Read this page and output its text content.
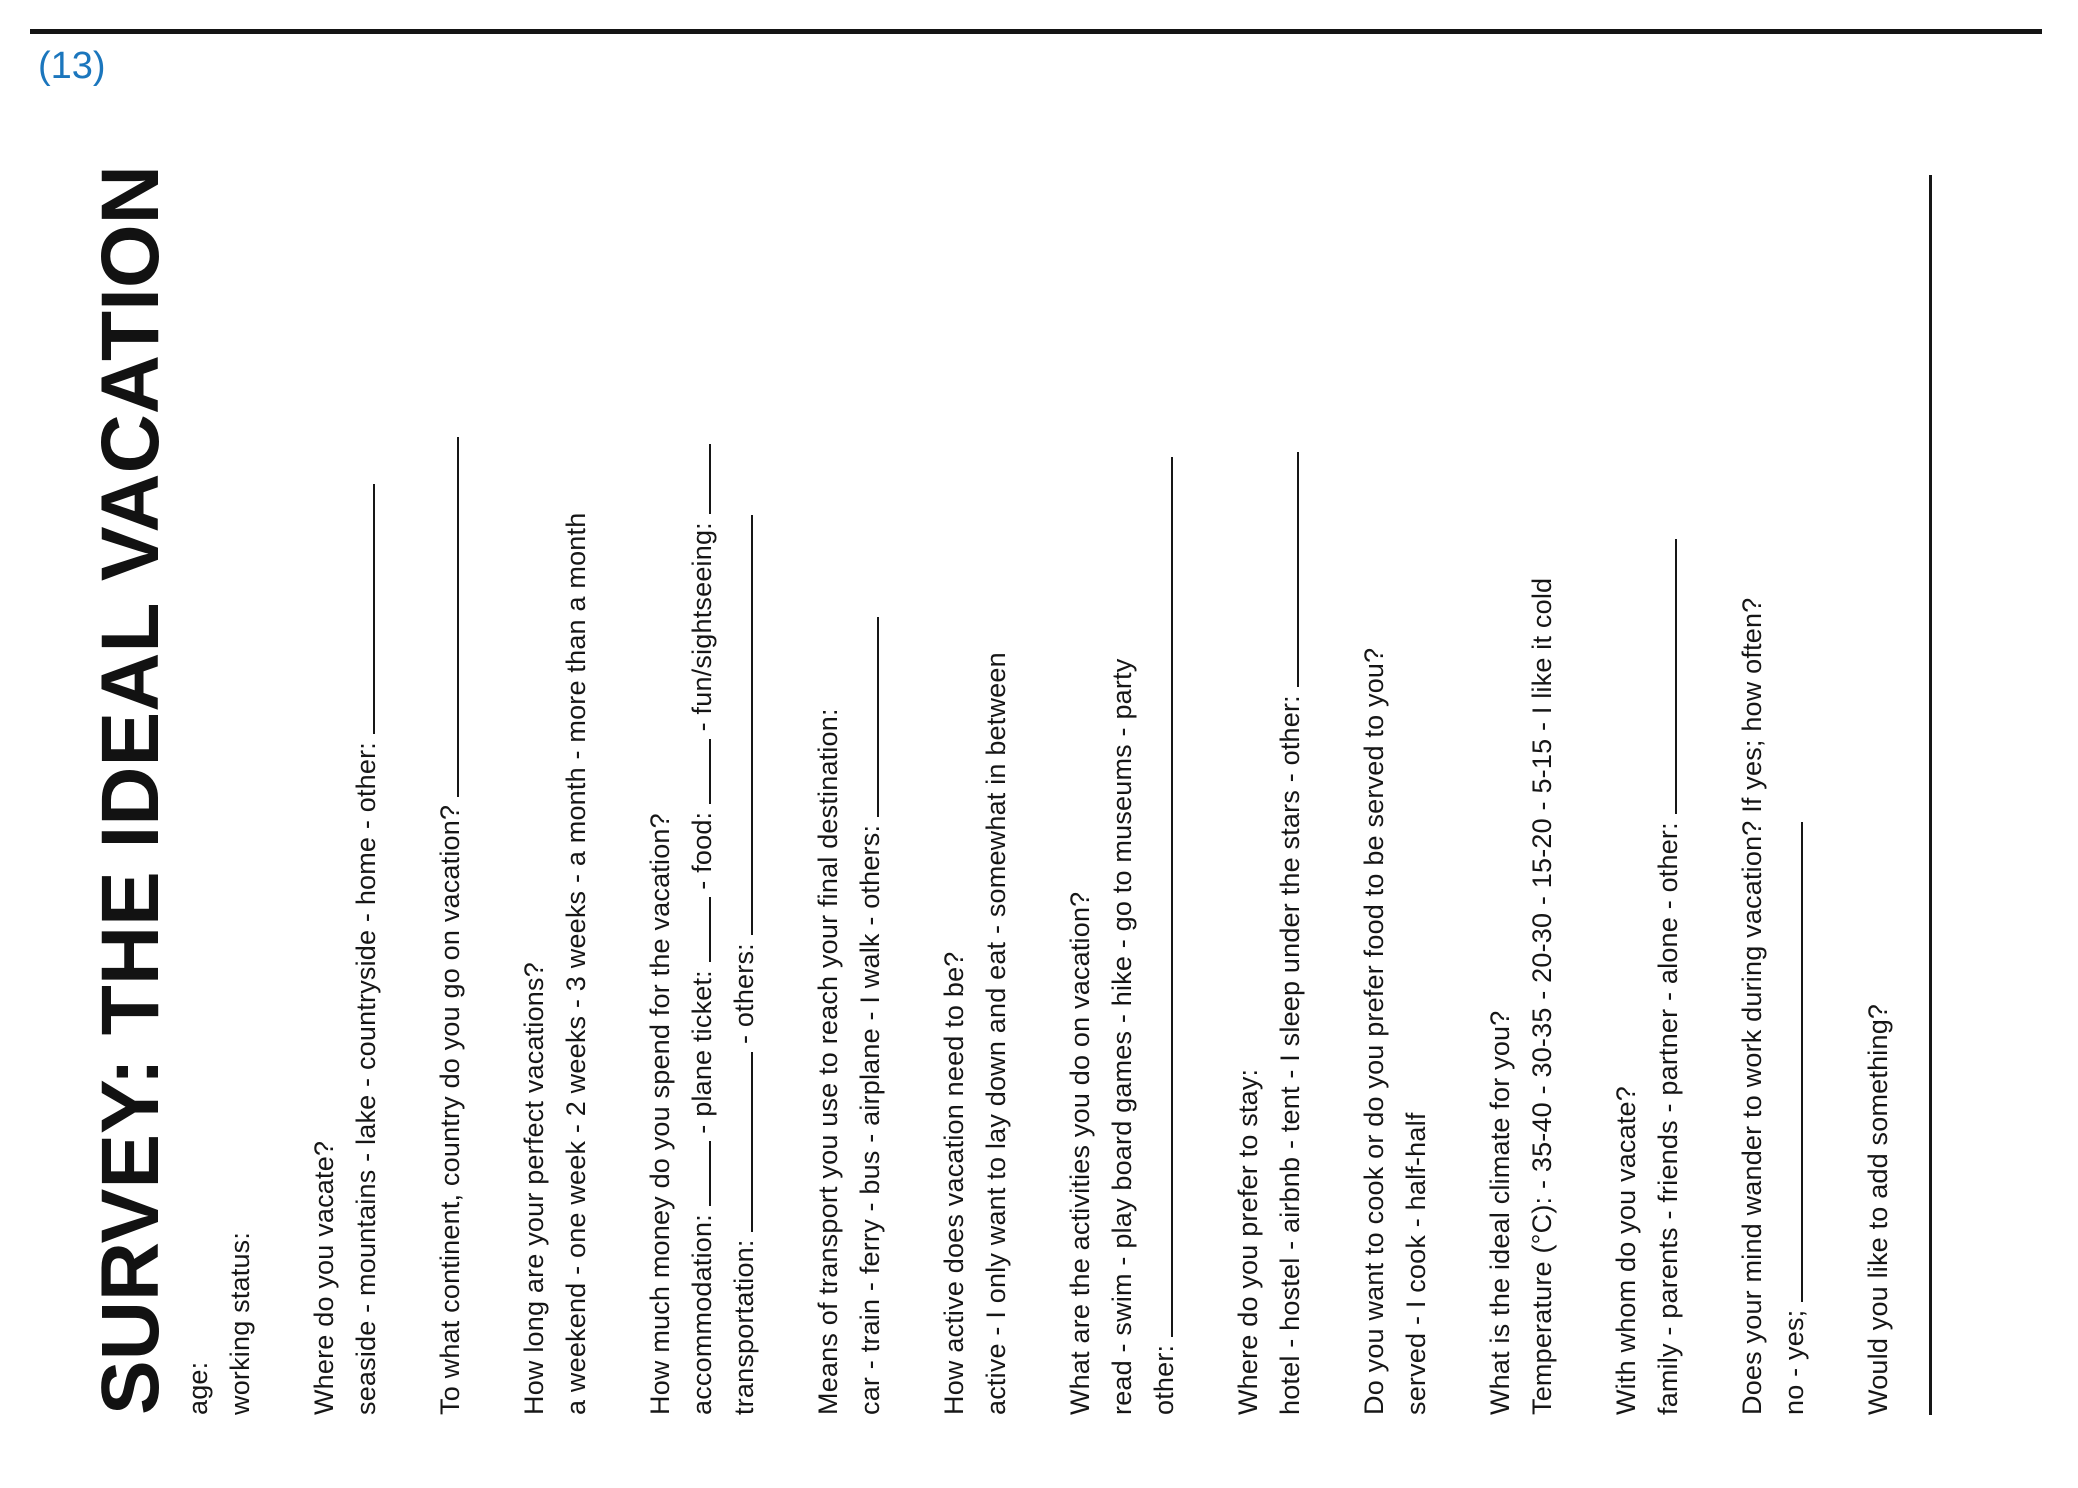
(13)
SURVEY: THE IDEAL VACATION age: working status: Where do you vacate? seaside - mountains - lake - countryside - home - other: To what continent, country do you go on vacation? How long are your perfect vacations? a weekend - one week - 2 weeks - 3 weeks - a month - more than a month How much money do you spend for the vacation? accommodation:  - plane ticket:  - food:  - fun/sightseeing:
transportation:  - others: Means of transport you use to reach your final destination: car - train - ferry - bus - airplane - I walk - others: How active does vacation need to be? active - I only want to lay down and eat - somewhat in between What are the activities you do on vacation? read - swim - play board games - hike - go to museums - party other: Where do you prefer to stay: hotel - hostel - airbnb - tent - I sleep under the stars - other: Do you want to cook or do you prefer food to be served to you? served - I cook - half-half What is the ideal climate for you? Temperature (°C): - 35-40 - 30-35 - 20-30 - 15-20 - 5-15 - I like it cold With whom do you vacate? family - parents - friends - partner - alone - other: Does your mind wander to work during vacation? If yes; how often? no - yes; Would you like to add something?
